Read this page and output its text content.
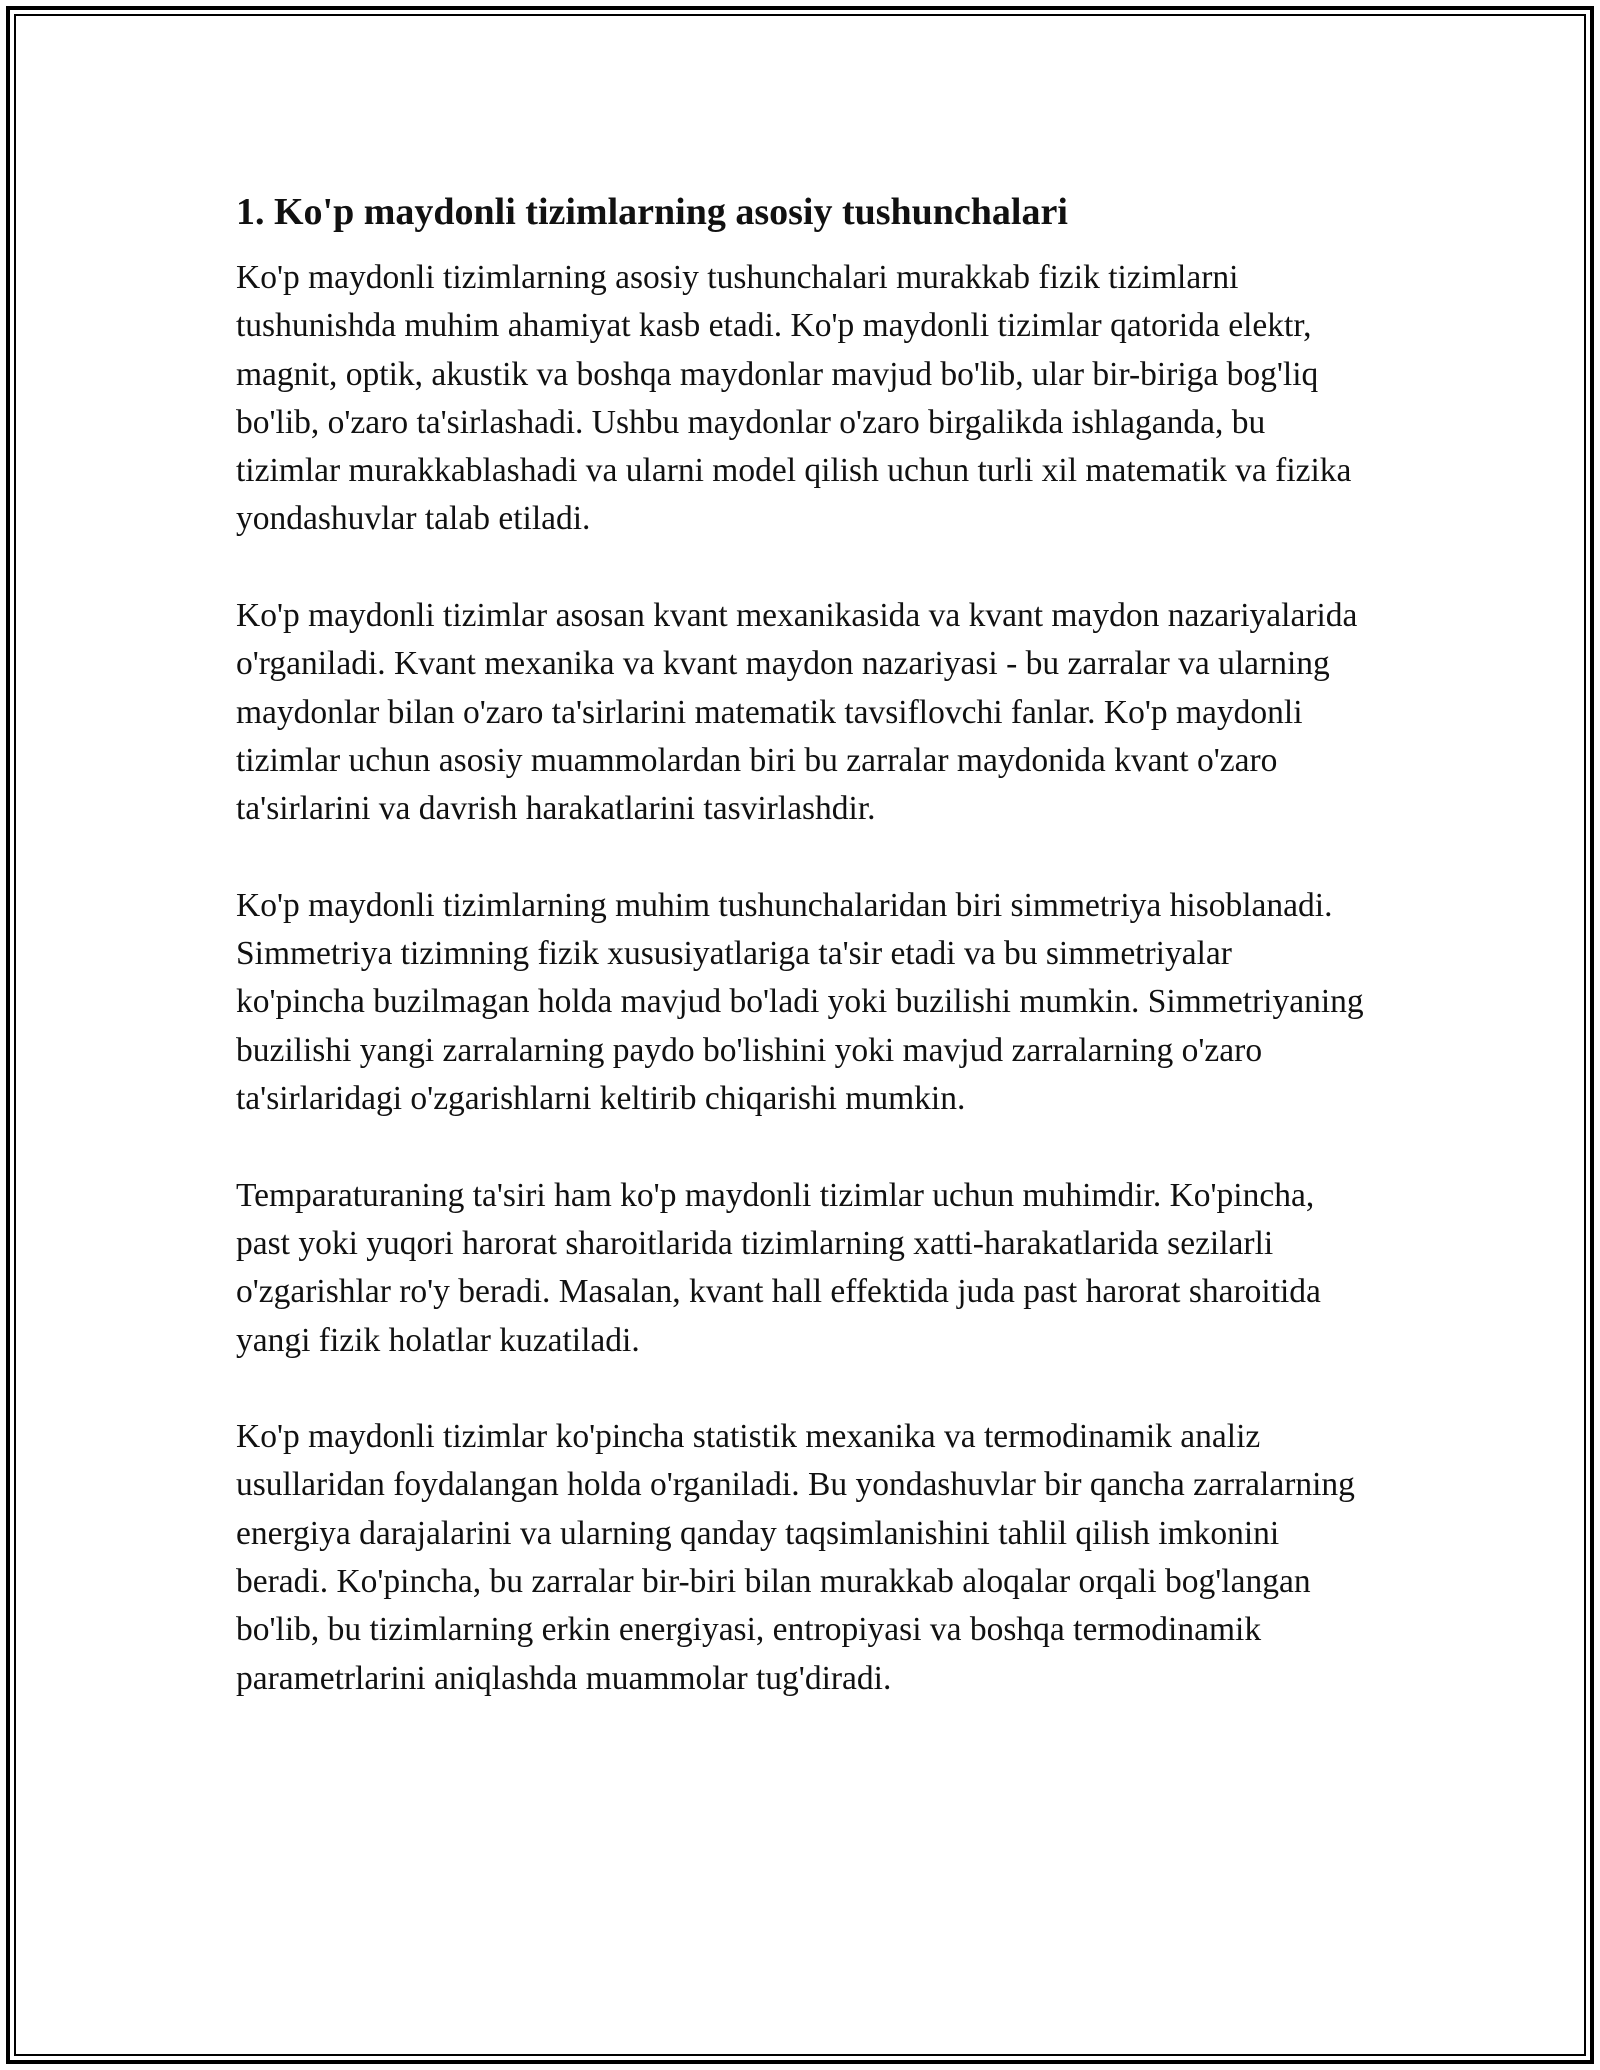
1. Ko'p maydonli tizimlarning asosiy tushunchalari

Ko'p maydonli tizimlarning asosiy tushunchalari murakkab fizik tizimlarni tushunishda muhim ahamiyat kasb etadi. Ko'p maydonli tizimlar qatorida elektr, magnit, optik, akustik va boshqa maydonlar mavjud bo'lib, ular bir-biriga bog'liq bo'lib, o'zaro ta'sirlashadi. Ushbu maydonlar o'zaro birgalikda ishlaganda, bu tizimlar murakkablashadi va ularni model qilish uchun turli xil matematik va fizika yondashuvlar talab etiladi.

Ko'p maydonli tizimlar asosan kvant mexanikasida va kvant maydon nazariyalarida o'rganiladi. Kvant mexanika va kvant maydon nazariyasi - bu zarralar va ularning maydonlar bilan o'zaro ta'sirlarini matematik tavsiflovchi fanlar. Ko'p maydonli tizimlar uchun asosiy muammolardan biri bu zarralar maydonida kvant o'zaro ta'sirlarini va davrish harakatlarini tasvirlashdir.

Ko'p maydonli tizimlarning muhim tushunchalaridan biri simmetriya hisoblanadi. Simmetriya tizimning fizik xususiyatlariga ta'sir etadi va bu simmetriyalar ko'pincha buzilmagan holda mavjud bo'ladi yoki buzilishi mumkin. Simmetriyaning buzilishi yangi zarralarning paydo bo'lishini yoki mavjud zarralarning o'zaro ta'sirlaridagi o'zgarishlarni keltirib chiqarishi mumkin.

Temparaturaning ta'siri ham ko'p maydonli tizimlar uchun muhimdir. Ko'pincha, past yoki yuqori harorat sharoitlarida tizimlarning xatti-harakatlarida sezilarli o'zgarishlar ro'y beradi. Masalan, kvant hall effektida juda past harorat sharoitida yangi fizik holatlar kuzatiladi.

Ko'p maydonli tizimlar ko'pincha statistik mexanika va termodinamik analiz usullaridan foydalangan holda o'rganiladi. Bu yondashuvlar bir qancha zarralarning energiya darajalarini va ularning qanday taqsimlanishini tahlil qilish imkonini beradi. Ko'pincha, bu zarralar bir-biri bilan murakkab aloqalar orqali bog'langan bo'lib, bu tizimlarning erkin energiyasi, entropiyasi va boshqa termodinamik parametrlarini aniqlashda muammolar tug'diradi.
